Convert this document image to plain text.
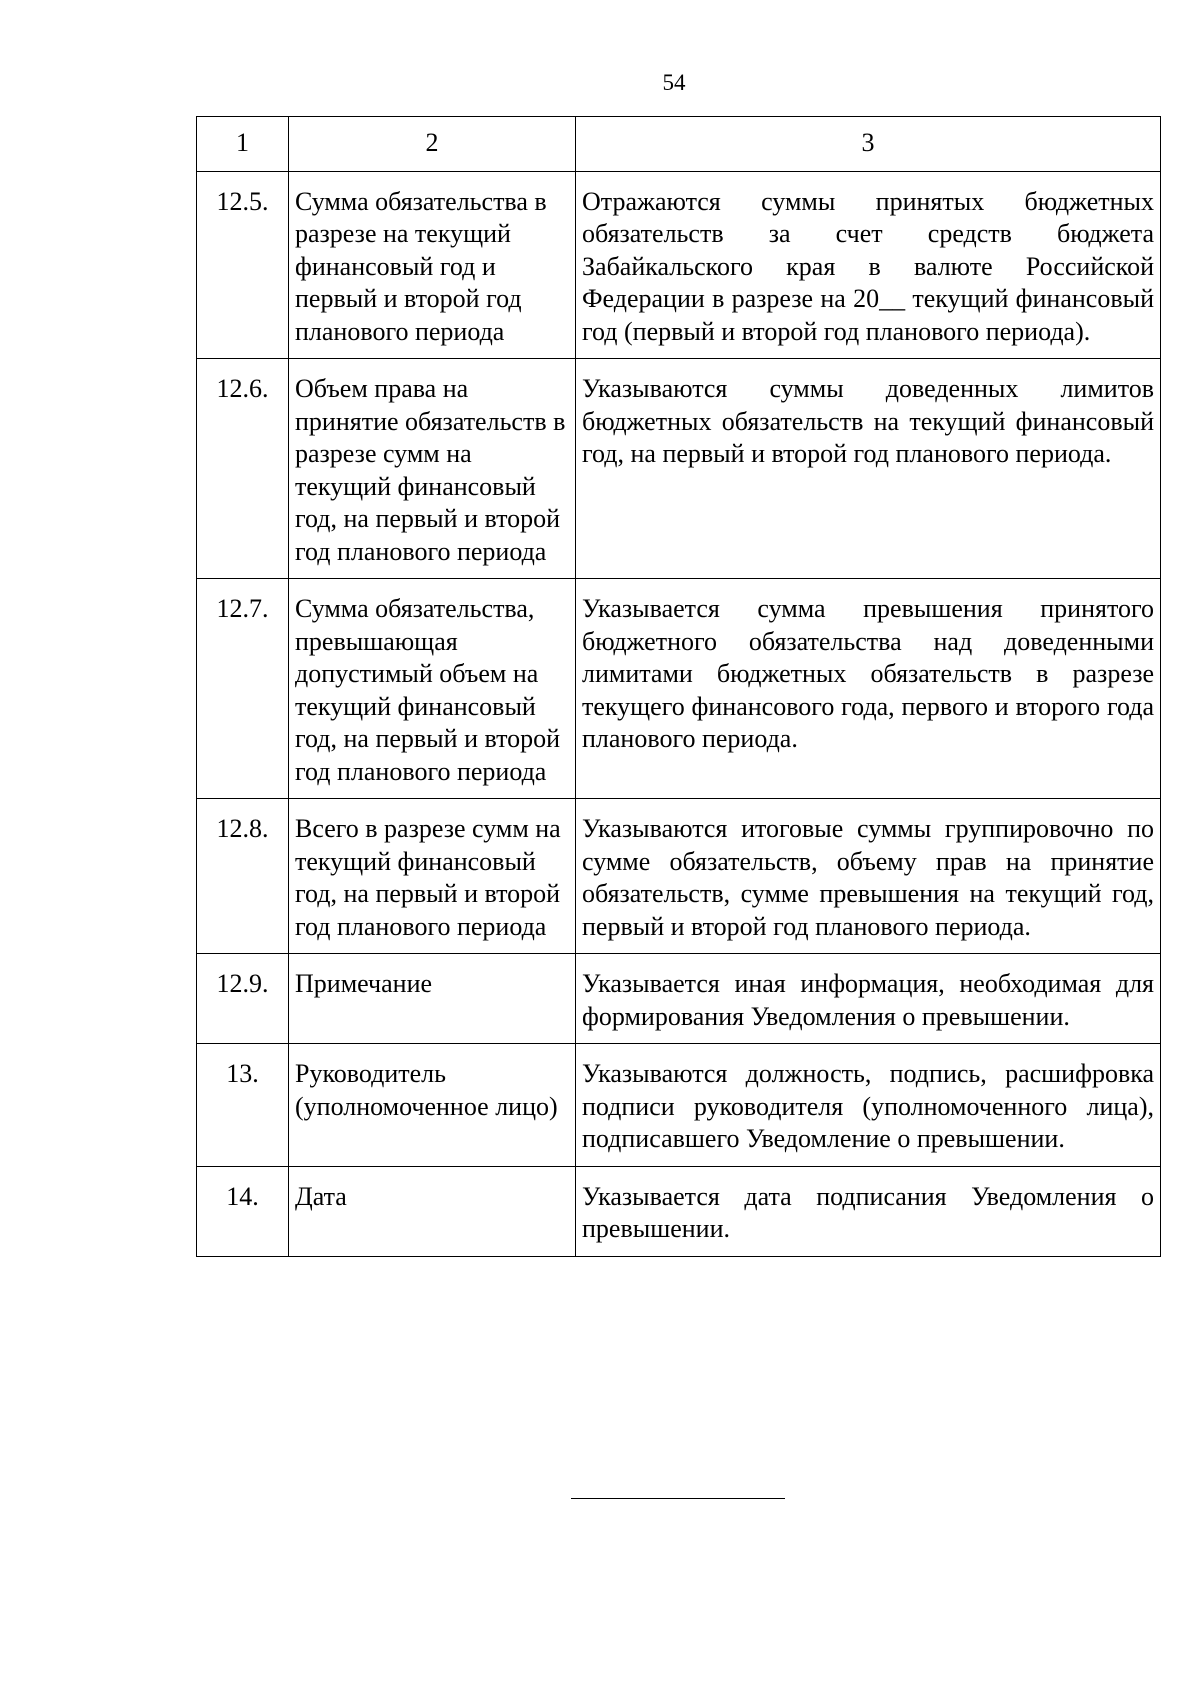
54
1	2	3
12.5.	Сумма обязательства в разрезе на текущий финансовый год и первый и второй год планового периода	Отражаются суммы принятых бюджетных обязательств за счет средств бюджета Забайкальского края в валюте Российской Федерации в разрезе на 20__ текущий финансовый год (первый и второй год планового периода).
12.6.	Объем права на принятие обязательств в разрезе сумм на текущий финансовый год, на первый и второй год планового периода	Указываются суммы доведенных лимитов бюджетных обязательств на текущий финансовый год, на первый и второй год планового периода.
12.7.	Сумма обязательства, превышающая допустимый объем на текущий финансовый год, на первый и второй год планового периода	Указывается сумма превышения принятого бюджетного обязательства над доведенными лимитами бюджетных обязательств в разрезе текущего финансового года, первого и второго года планового периода.
12.8.	Всего в разрезе сумм на текущий финансовый год, на первый и второй год планового периода	Указываются итоговые суммы группировочно по сумме обязательств, объему прав на принятие обязательств, сумме превышения на текущий год, первый и второй год планового периода.
12.9.	Примечание	Указывается иная информация, необходимая для формирования Уведомления о превышении.
13.	Руководитель (уполномоченное лицо)	Указываются должность, подпись, расшифровка подписи руководителя (уполномоченного лица), подписавшего Уведомление о превышении.
14.	Дата	Указывается дата подписания Уведомления о превышении.
